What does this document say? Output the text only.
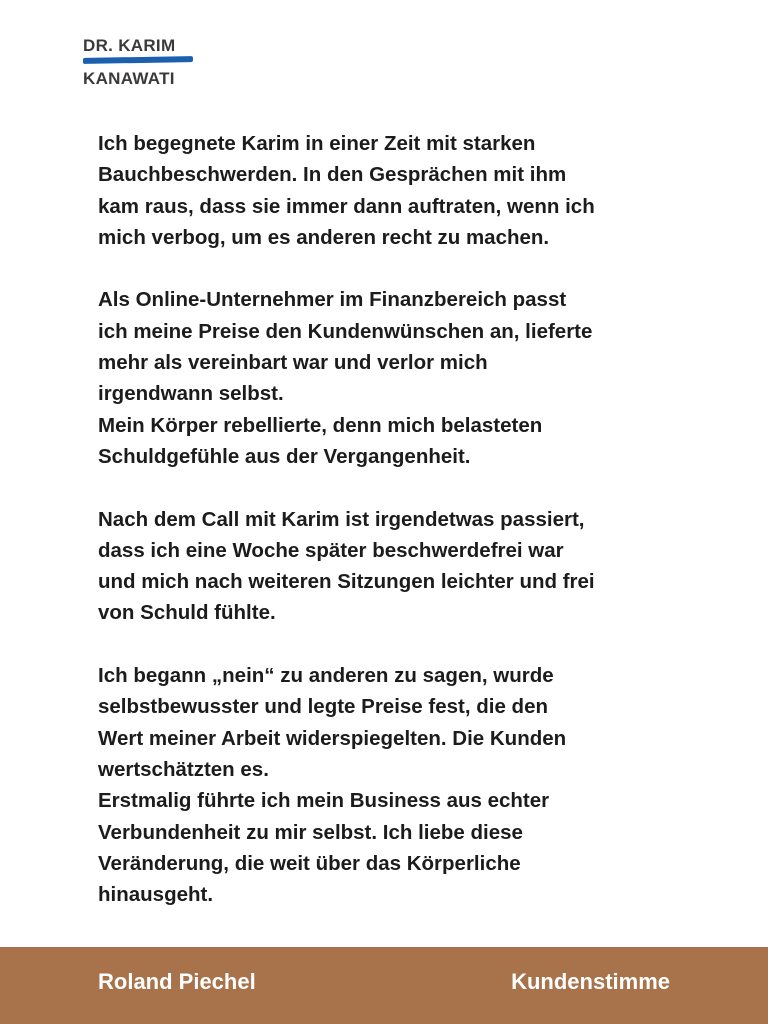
DR. KARIM
KANAWATI

Ich begegnete Karim in einer Zeit mit starken
Bauchbeschwerden. In den Gesprächen mit ihm
kam raus, dass sie immer dann auftraten, wenn ich
mich verbog, um es anderen recht zu machen.

Als Online-Unternehmer im Finanzbereich passt
ich meine Preise den Kundenwünschen an, lieferte
mehr als vereinbart war und verlor mich
irgendwann selbst.
Mein Körper rebellierte, denn mich belasteten
Schuldgefühle aus der Vergangenheit.

Nach dem Call mit Karim ist irgendetwas passiert,
dass ich eine Woche später beschwerdefrei war
und mich nach weiteren Sitzungen leichter und frei
von Schuld fühlte.

Ich begann „nein“ zu anderen zu sagen, wurde
selbstbewusster und legte Preise fest, die den
Wert meiner Arbeit widerspiegelten. Die Kunden
wertschätzten es.
Erstmalig führte ich mein Business aus echter
Verbundenheit zu mir selbst. Ich liebe diese
Veränderung, die weit über das Körperliche
hinausgeht.

Roland Piechel	Kundenstimme
